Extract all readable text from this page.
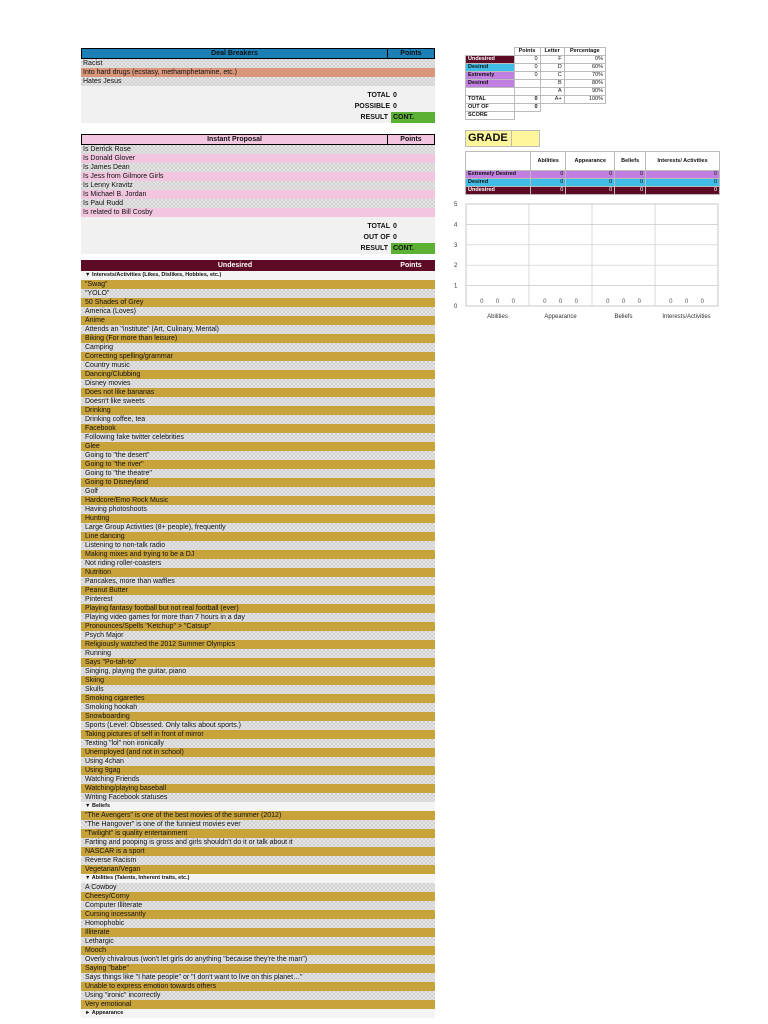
Deal Breakers	Points
Racist
Into hard drugs (ecstasy, methamphetamine, etc.)
Hates Jesus
TOTAL 0
POSSIBLE 0
RESULT CONT.
Instant Proposal	Points
Is Derrick Rose
Is Donald Glover
Is James Dean
Is Jess from Gilmore Girls
Is Lenny Kravitz
Is Michael B. Jordan
Is Paul Rudd
Is related to Bill Cosby
TOTAL 0
OUT OF 0
RESULT CONT.
Undesired	Points
▼ Interests/Activities (Likes, Dislikes, Hobbies, etc.)
"Swag"
"YOLO"
50 Shades of Grey
America (Loves)
Anime
Attends an "institute" (Art, Culinary, Mental)
Biking (For more than leisure)
Camping
Correcting spelling/grammar
Country music
Dancing/Clubbing
Disney movies
Does not like bananas
Doesn't like sweets
Drinking
Drinking coffee, tea
Facebook
Following fake twitter celebrities
Glee
Going to "the desert"
Going to "the river"
Going to "the theatre"
Going to Disneyland
Golf
Hardcore/Emo Rock Music
Having photoshoots
Hunting
Large Group Activities (8+ people), frequently
Line dancing
Listening to non-talk radio
Making mixes and trying to be a DJ
Not riding roller-coasters
Nutrition
Pancakes, more than waffles
Peanut Butter
Pinterest
Playing fantasy football but not real football (ever)
Playing video games for more than 7 hours in a day
Pronounces/Spells "Ketchup" > "Catsup"
Psych Major
Religiously watched the 2012 Summer Olympics
Running
Says "Po-tah-to"
Singing, playing the guitar, piano
Skiing
Skulls
Smoking cigarettes
Smoking hookah
Snowboarding
Sports (Level: Obsessed. Only talks about sports.)
Taking pictures of self in front of mirror
Texting "lol" non ironically
Unemployed (and not in school)
Using 4chan
Using 9gag
Watching Friends
Watching/playing baseball
Writing Facebook statuses
▼ Beliefs
"The Avengers" is one of the best movies of the summer (2012)
"The Hangover" is one of the funniest movies ever
"Twilight" is quality entertainment
Farting and pooping is gross and girls shouldn't do it or talk about it
NASCAR is a sport
Reverse Racism
Vegetarian/Vegan
▼ Abilities (Talents, Inherent traits, etc.)
A Cowboy
Cheesy/Corny
Computer Illiterate
Cursing incessantly
Homophobic
Illiterate
Lethargic
Mooch
Overly chivalrous (won't let girls do anything "because they're the man")
Saying "babe"
Says things like "I hate people" or "I don't want to live on this planet…"
Unable to express emotion towards others
Using "ironic" incorrectly
Very emotional
► Appearance
	Points	Letter	Percentage
Undesired	0	F	0%
Desired	0	D	60%
Extremely	0	C	70%
Desired		B	80%
		A	90%
TOTAL	0	A+	100%
OUT OF	0		
SCORE			
GRADE
	Abilities	Appearance	Beliefs	Interests/ Activities
Extremely Desired	0	0	0	0
Desired	0	0	0	0
Undesired	0	0	0	0
0
1
2
3
4
5
Abilities
0 0 0
Appearance
0 0 0
Beliefs
0 0 0
Interests/Activities
0 0 0
